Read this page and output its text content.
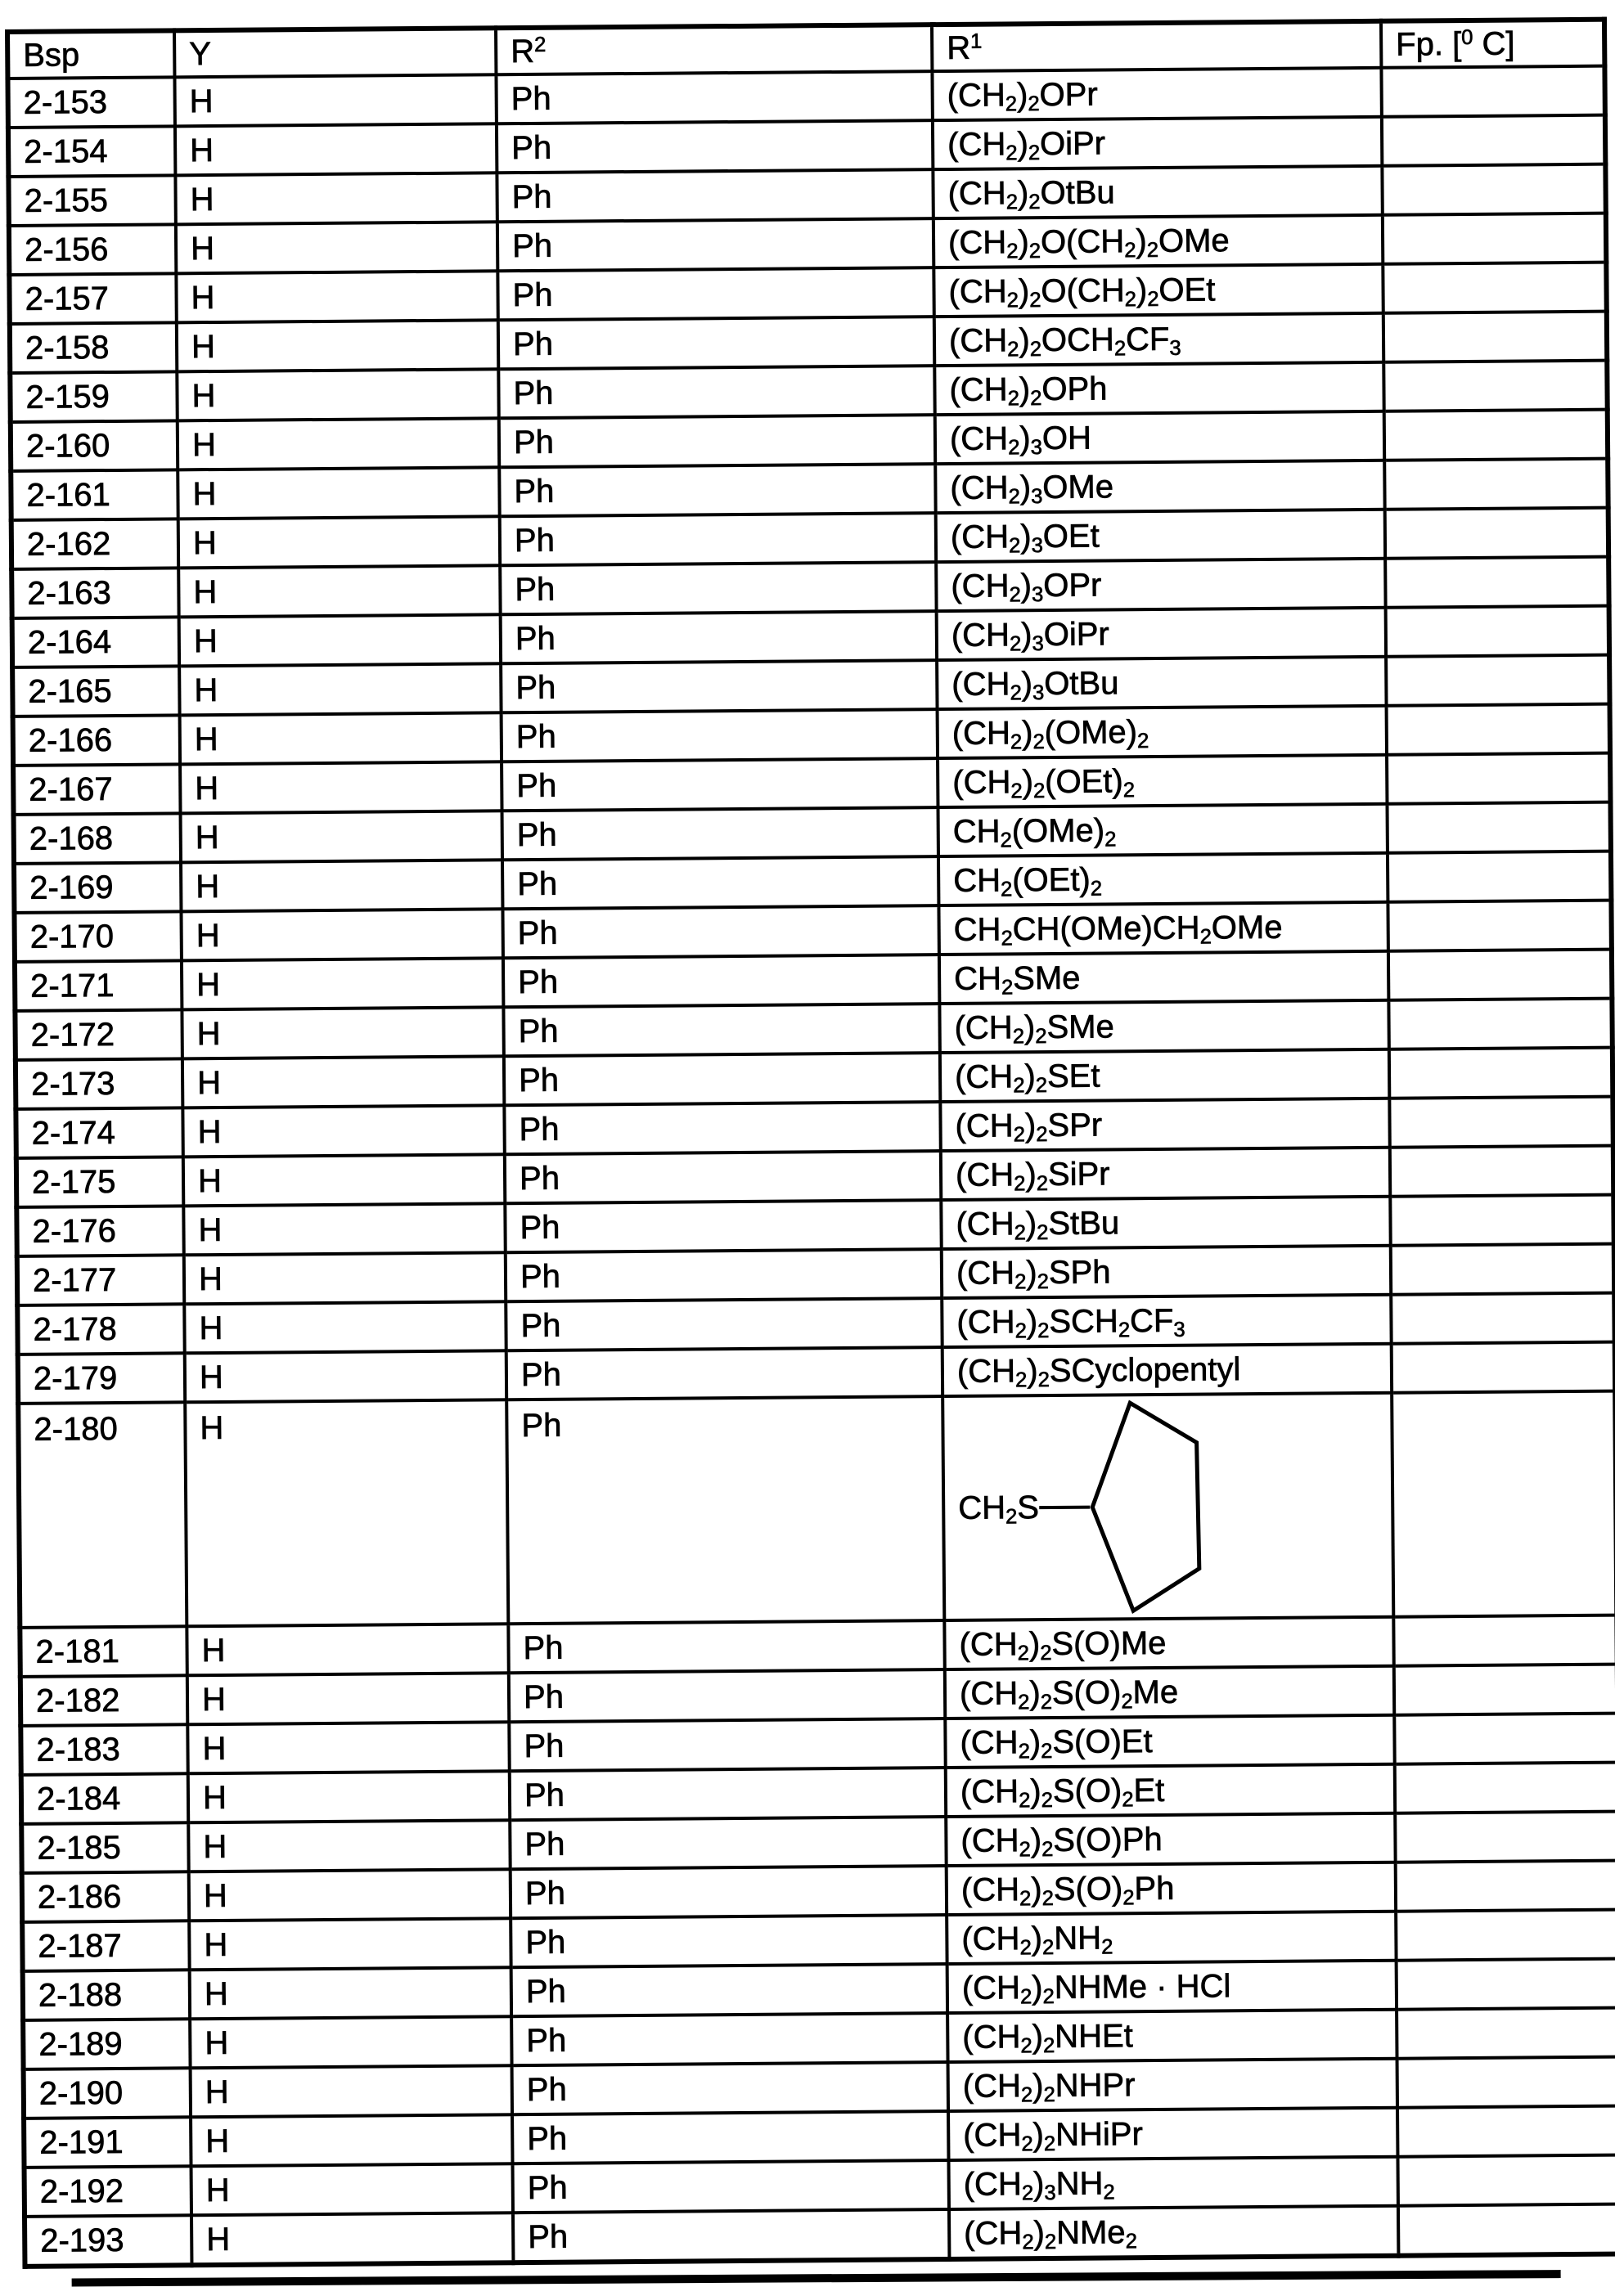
Bsp	Y	$R^2$	$R^1$	Fp. [$^0$ C]
2-153	H	Ph	$(CH_2)_2OPr$	
2-154	H	Ph	$(CH_2)_2OiPr$	
2-155	H	Ph	$(CH_2)_2OtBu$	
2-156	H	Ph	$(CH_2)_2O(CH_2)_2OMe$	
2-157	H	Ph	$(CH_2)_2O(CH_2)_2OEt$	
2-158	H	Ph	$(CH_2)_2OCH_2CF_3$	
2-159	H	Ph	$(CH_2)_2OPh$	
2-160	H	Ph	$(CH_2)_3OH$	
2-161	H	Ph	$(CH_2)_3OMe$	
2-162	H	Ph	$(CH_2)_3OEt$	
2-163	H	Ph	$(CH_2)_3OPr$	
2-164	H	Ph	$(CH_2)_3OiPr$	
2-165	H	Ph	$(CH_2)_3OtBu$	
2-166	H	Ph	$(CH_2)_2(OMe)_2$	
2-167	H	Ph	$(CH_2)_2(OEt)_2$	
2-168	H	Ph	$CH_2(OMe)_2$	
2-169	H	Ph	$CH_2(OEt)_2$	
2-170	H	Ph	$CH_2CH(OMe)CH_2OMe$	
2-171	H	Ph	$CH_2SMe$	
2-172	H	Ph	$(CH_2)_2SMe$	
2-173	H	Ph	$(CH_2)_2SEt$	
2-174	H	Ph	$(CH_2)_2SPr$	
2-175	H	Ph	$(CH_2)_2SiPr$	
2-176	H	Ph	$(CH_2)_2StBu$	
2-177	H	Ph	$(CH_2)_2SPh$	
2-178	H	Ph	$(CH_2)_2SCH_2CF_3$	
2-179	H	Ph	$(CH_2)_2SCyclopentyl$	
2-180	H	Ph	$CH_2S$	

2-181	H	Ph	$(CH_2)_2S(O)Me$	
2-182	H	Ph	$(CH_2)_2S(O)_2Me$	
2-183	H	Ph	$(CH_2)_2S(O)Et$	
2-184	H	Ph	$(CH_2)_2S(O)_2Et$	
2-185	H	Ph	$(CH_2)_2S(O)Ph$	
2-186	H	Ph	$(CH_2)_2S(O)_2Ph$	
2-187	H	Ph	$(CH_2)_2NH_2$	
2-188	H	Ph	$(CH_2)_2NHMe$ · HCl	
2-189	H	Ph	$(CH_2)_2NHEt$	
2-190	H	Ph	$(CH_2)_2NHPr$	
2-191	H	Ph	$(CH_2)_2NHiPr$	
2-192	H	Ph	$(CH_2)_3NH_2$	
2-193	H	Ph	$(CH_2)_2NMe_2$	
